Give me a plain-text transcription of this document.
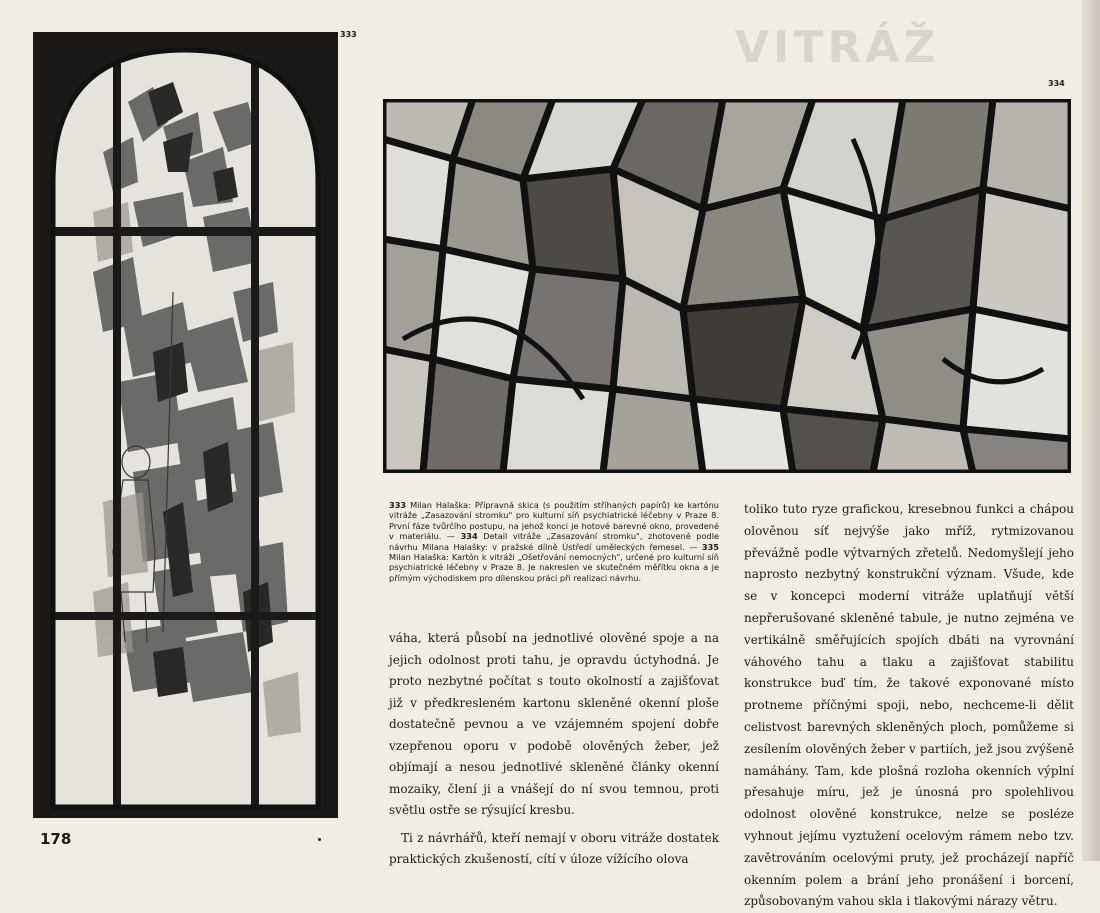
VITRÁŽ
333
334
333 Milan Halaška: Přípravná skica (s použitím stříhaných papírů) ke kartónu vitráže „Zasazování stromku" pro kulturní síň psychiatrické léčebny v Praze 8. První fáze tvůrčího postupu, na jehož konci je hotové barevné okno, provedené v materiálu. — 334 Detail vitráže „Zasazování stromku", zhotovené podle návrhu Milana Halašky: v pražské dílně Ústředí uměleckých řemesel. — 335 Milan Halaška: Kartón k vitráži „Ošetřování nemocných", určené pro kulturní síň psychiatrické léčebny v Praze 8. Je nakreslen ve skutečném měřítku okna a je přímým východiskem pro dílenskou práci při realizaci návrhu.

váha, která působí na jednotlivé olověné spoje a na jejich odolnost proti tahu, je opravdu úctyhodná. Je proto nezbytné počítat s touto okolností a zajišťovat již v předkresleném kartonu skleněné okenní ploše dostatečně pevnou a ve vzájemném spojení dobře vzepřenou oporu v podobě olověných žeber, jež objímají a nesou jednotlivé skleněné články okenní mozaiky, člení ji a vnášejí do ní svou temnou, proti světlu ostře se rýsující kresbu.

Ti z návrhářů, kteří nemají v oboru vitráže dostatek praktických zkušeností, cítí v úloze vížícího olova

toliko tuto ryze grafickou, kresebnou funkci a chápou olověnou síť nejvýše jako mříž, rytmizovanou převážně podle výtvarných zřetelů. Nedomyšlejí jeho naprosto nezbytný konstrukční význam. Všude, kde se v koncepci moderní vitráže uplatňují větší nepřerušované skleněné tabule, je nutno zejména ve vertikálně směřujících spojích dbáti na vyrovnání váhového tahu a tlaku a zajišťovat stabilitu konstrukce buď tím, že takové exponované místo protneme příčnými spoji, nebo, nechceme-li dělit celistvost barevných skleněných ploch, pomůžeme si zesílením olověných žeber v partiích, jež jsou zvýšeně namáhány. Tam, kde plošná rozloha okenních výplní přesahuje míru, jež je únosná pro spolehlivou odolnost olověné konstrukce, nelze se posléze vyhnout jejímu vyztužení ocelovým rámem nebo tzv. zavětrováním ocelovými pruty, jež procházejí napříč okenním polem a brání jeho pronášení i borcení, způsobovaným vahou skla i tlakovými nárazy větru.

178
